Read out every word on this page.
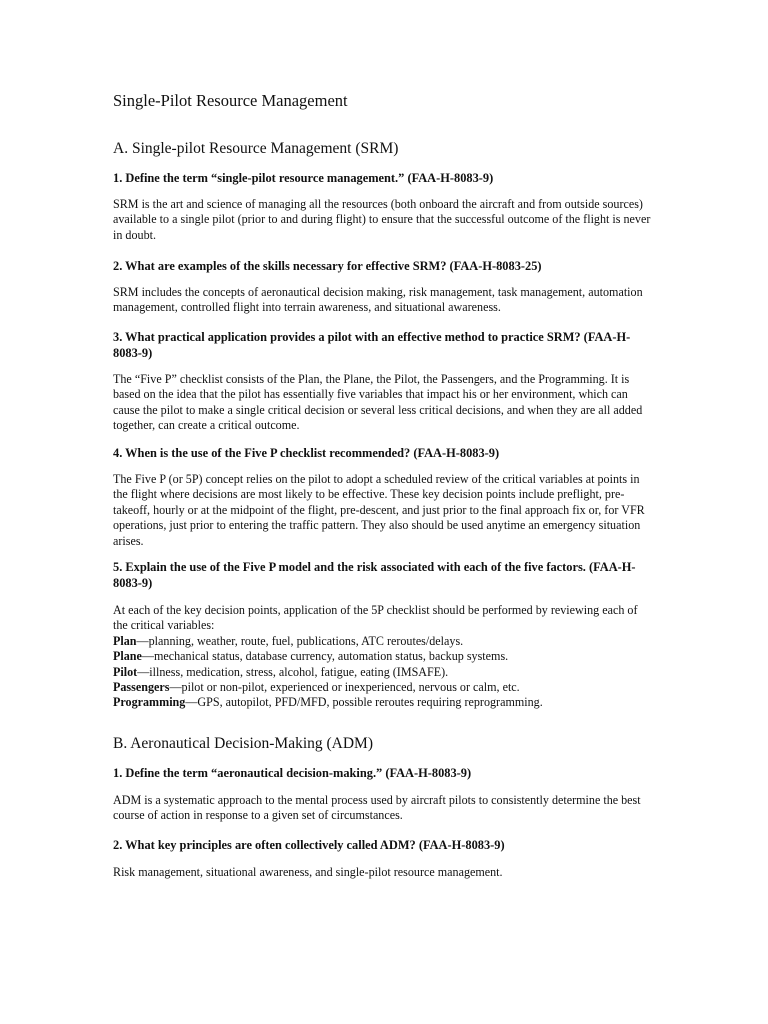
Single-Pilot Resource Management
A. Single-pilot Resource Management (SRM)
1. Define the term “single-pilot resource management.” (FAA-H-8083-9)
SRM is the art and science of managing all the resources (both onboard the aircraft and from outside sources) available to a single pilot (prior to and during flight) to ensure that the successful outcome of the flight is never in doubt.
2. What are examples of the skills necessary for effective SRM? (FAA-H-8083-25)
SRM includes the concepts of aeronautical decision making, risk management, task management, automation management, controlled flight into terrain awareness, and situational awareness.
3. What practical application provides a pilot with an effective method to practice SRM? (FAA-H-8083-9)
The “Five P” checklist consists of the Plan, the Plane, the Pilot, the Passengers, and the Programming. It is based on the idea that the pilot has essentially five variables that impact his or her environment, which can cause the pilot to make a single critical decision or several less critical decisions, and when they are all added together, can create a critical outcome.
4. When is the use of the Five P checklist recommended? (FAA-H-8083-9)
The Five P (or 5P) concept relies on the pilot to adopt a scheduled review of the critical variables at points in the flight where decisions are most likely to be effective. These key decision points include preflight, pre-takeoff, hourly or at the midpoint of the flight, pre-descent, and just prior to the final approach fix or, for VFR operations, just prior to entering the traffic pattern. They also should be used anytime an emergency situation arises.
5. Explain the use of the Five P model and the risk associated with each of the five factors. (FAA-H-8083-9)

At each of the key decision points, application of the 5P checklist should be performed by reviewing each of the critical variables:

Plan—planning, weather, route, fuel, publications, ATC reroutes/delays.
Plane—mechanical status, database currency, automation status, backup systems.
Pilot—illness, medication, stress, alcohol, fatigue, eating (IMSAFE).
Passengers—pilot or non-pilot, experienced or inexperienced, nervous or calm, etc.
Programming—GPS, autopilot, PFD/MFD, possible reroutes requiring reprogramming.
B. Aeronautical Decision-Making (ADM)
1. Define the term “aeronautical decision-making.” (FAA-H-8083-9)
ADM is a systematic approach to the mental process used by aircraft pilots to consistently determine the best course of action in response to a given set of circumstances.
2. What key principles are often collectively called ADM? (FAA-H-8083-9)
Risk management, situational awareness, and single-pilot resource management.
